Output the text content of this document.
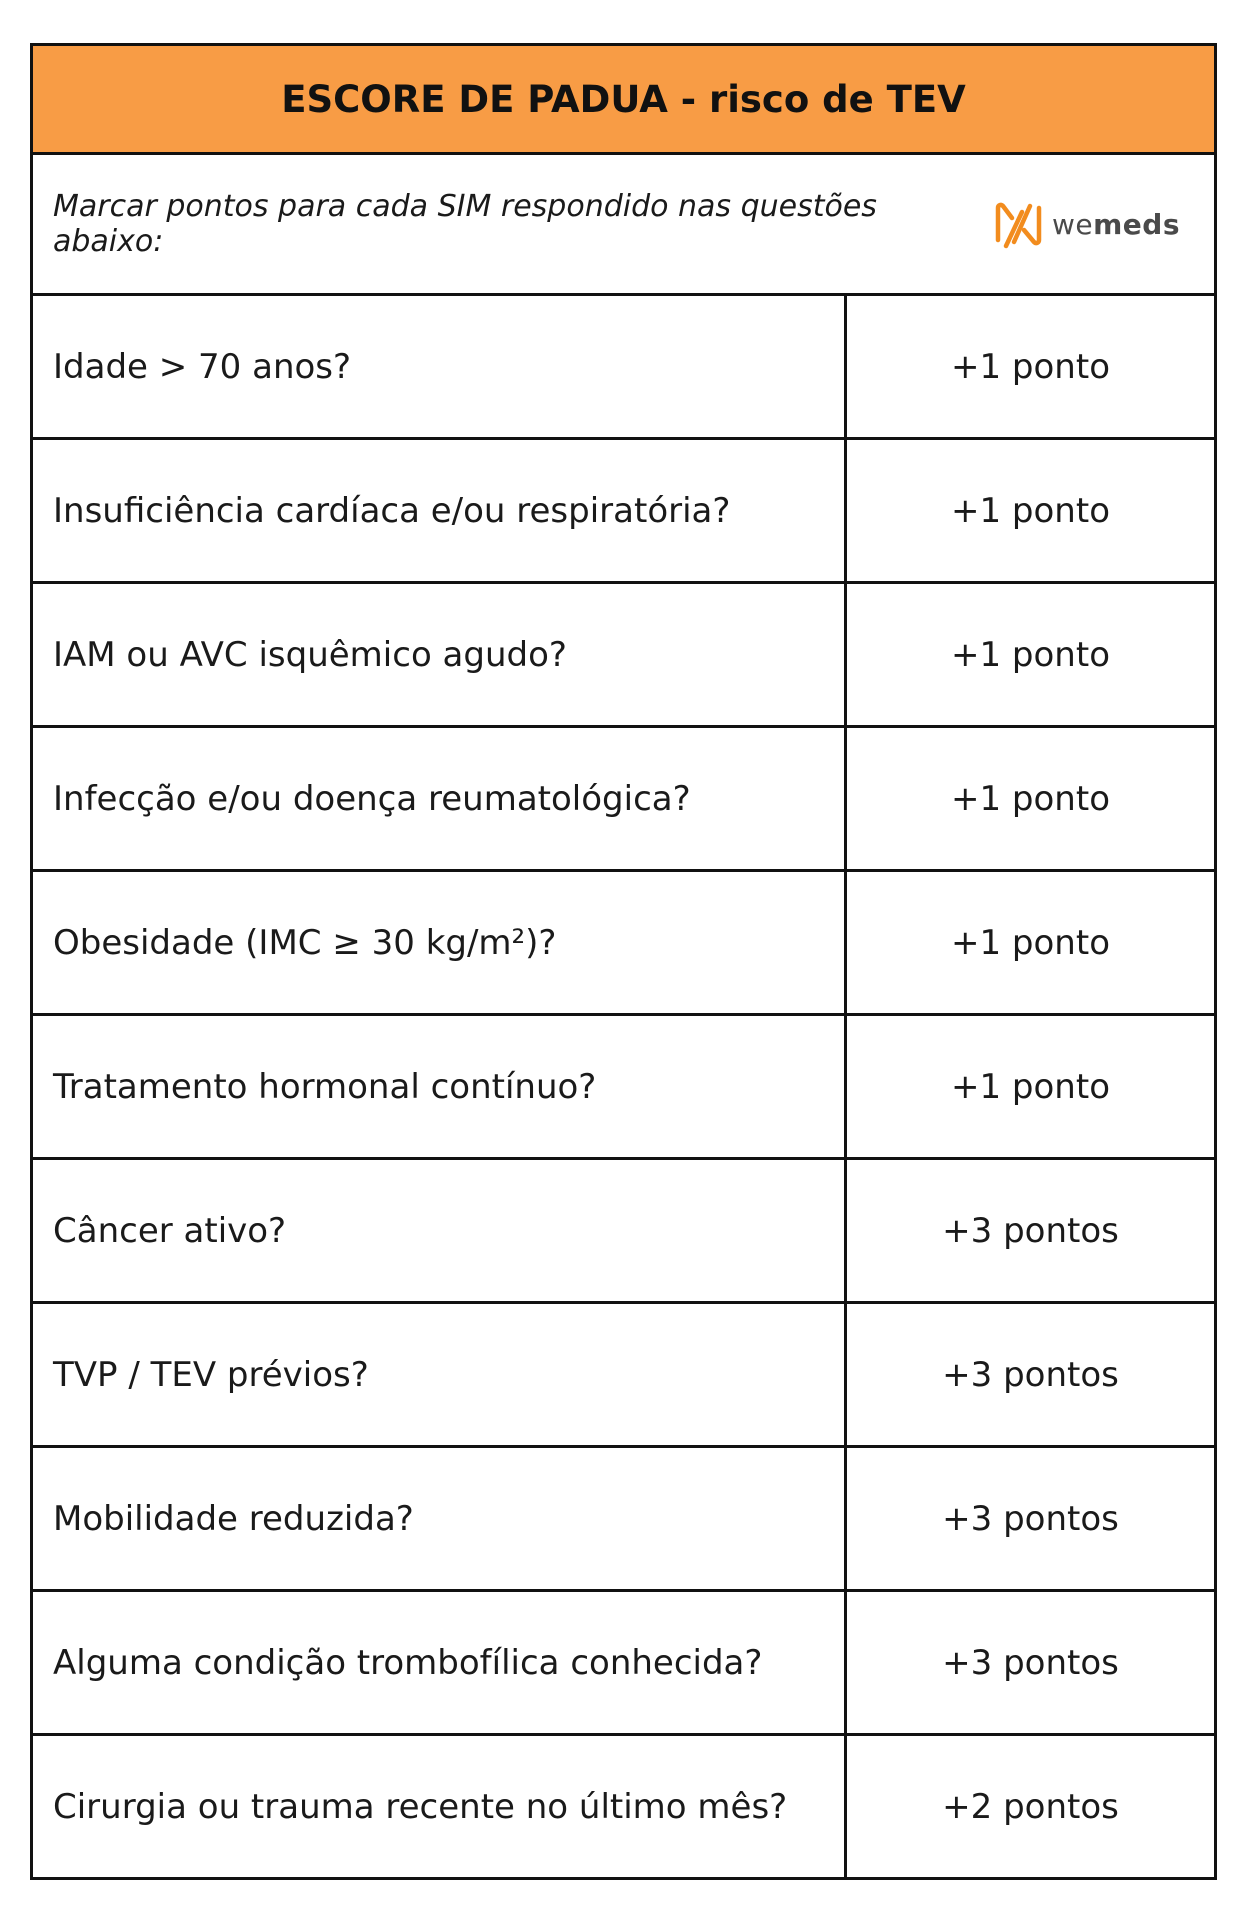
ESCORE DE PADUA - risco de TEV
Marcar pontos para cada SIM respondido nas questões abaixo:	wemeds
Idade > 70 anos?	+1 ponto
Insuficiência cardíaca e/ou respiratória?	+1 ponto
IAM ou AVC isquêmico agudo?	+1 ponto
Infecção e/ou doença reumatológica?	+1 ponto
Obesidade (IMC ≥ 30 kg/m²)?	+1 ponto
Tratamento hormonal contínuo?	+1 ponto
Câncer ativo?	+3 pontos
TVP / TEV prévios?	+3 pontos
Mobilidade reduzida?	+3 pontos
Alguma condição trombofílica conhecida?	+3 pontos
Cirurgia ou trauma recente no último mês?	+2 pontos
